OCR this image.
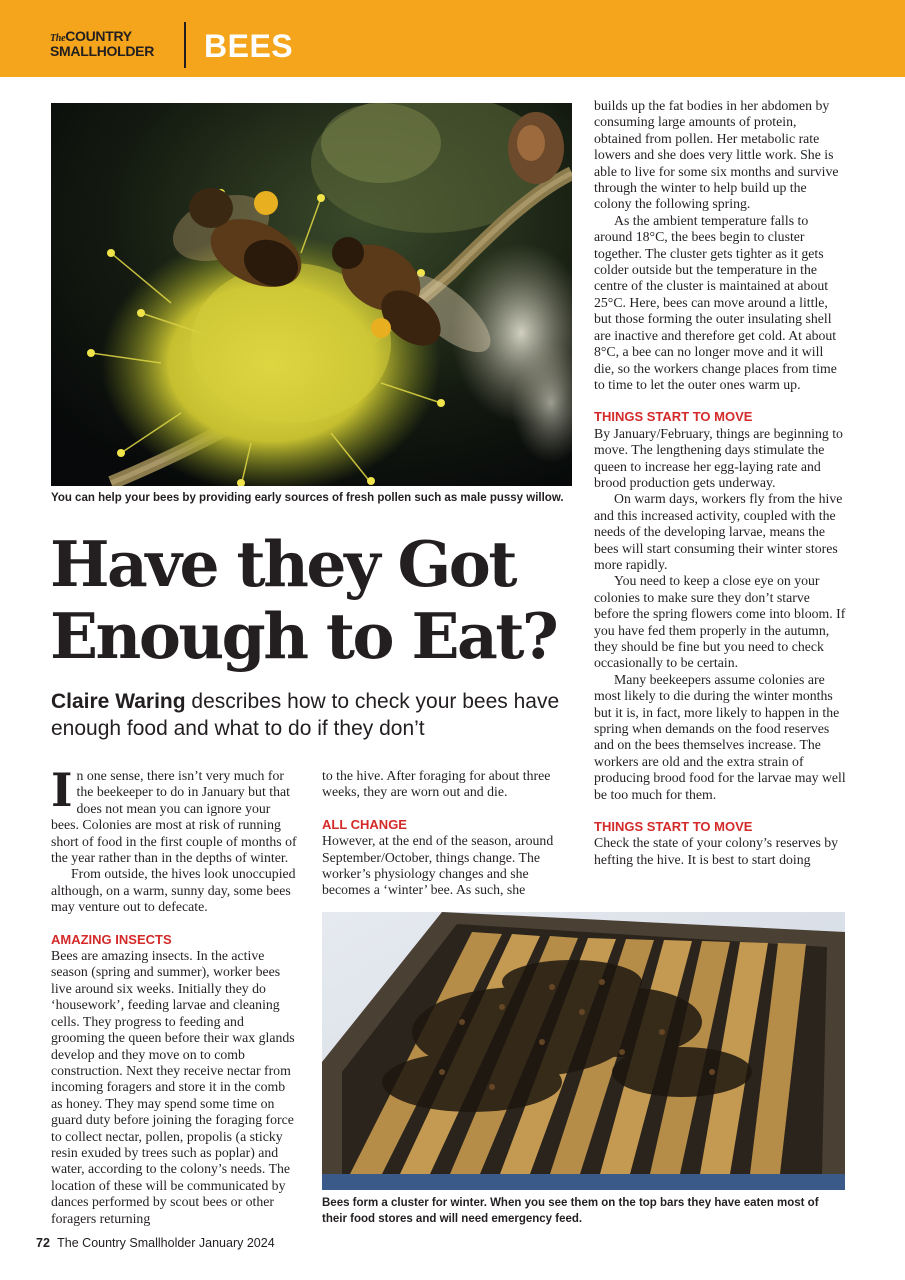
TheCOUNTRY
SMALLHOLDER	BEES
You can help your bees by providing early sources of fresh pollen such as male pussy willow.
Have they Got
Enough to Eat?

Claire Waring describes how to check your bees have enough food and what to do if they don’t

In one sense, there isn’t very much for the beekeeper to do in January but that does not mean you can ignore your bees. Colonies are most at risk of running short of food in the first couple of months of the year rather than in the depths of winter.

From outside, the hives look unoccupied although, on a warm, sunny day, some bees may venture out to defecate.

AMAZING INSECTS

Bees are amazing insects. In the active season (spring and summer), worker bees live around six weeks. Initially they do ‘housework’, feeding larvae and cleaning cells. They progress to feeding and grooming the queen before their wax glands develop and they move on to comb construction. Next they receive nectar from incoming foragers and store it in the comb as honey. They may spend some time on guard duty before joining the foraging force to collect nectar, pollen, propolis (a sticky resin exuded by trees such as poplar) and water, according to the colony’s needs. The location of these will be communicated by dances performed by scout bees or other foragers returning

to the hive. After foraging for about three weeks, they are worn out and die.

ALL CHANGE

However, at the end of the season, around September/October, things change. The worker’s physiology changes and she becomes a ‘winter’ bee. As such, she

builds up the fat bodies in her abdomen by consuming large amounts of protein, obtained from pollen. Her metabolic rate lowers and she does very little work. She is able to live for some six months and survive through the winter to help build up the colony the following spring.

As the ambient temperature falls to around 18°C, the bees begin to cluster together. The cluster gets tighter as it gets colder outside but the temperature in the centre of the cluster is maintained at about 25°C. Here, bees can move around a little, but those forming the outer insulating shell are inactive and therefore get cold. At about 8°C, a bee can no longer move and it will die, so the workers change places from time to time to let the outer ones warm up.

THINGS START TO MOVE

By January/February, things are beginning to move. The lengthening days stimulate the queen to increase her egg-laying rate and brood production gets underway.

On warm days, workers fly from the hive and this increased activity, coupled with the needs of the developing larvae, means the bees will start consuming their winter stores more rapidly.

You need to keep a close eye on your colonies to make sure they don’t starve before the spring flowers come into bloom. If you have fed them properly in the autumn, they should be fine but you need to check occasionally to be certain.

Many beekeepers assume colonies are most likely to die during the winter months but it is, in fact, more likely to happen in the spring when demands on the food reserves and on the bees themselves increase. The workers are old and the extra strain of producing brood food for the larvae may well be too much for them.

THINGS START TO MOVE

Check the state of your colony’s reserves by hefting the hive. It is best to start doing

Bees form a cluster for winter. When you see them on the top bars they have eaten most of their food stores and will need emergency feed.
72 The Country Smallholder January 2024
